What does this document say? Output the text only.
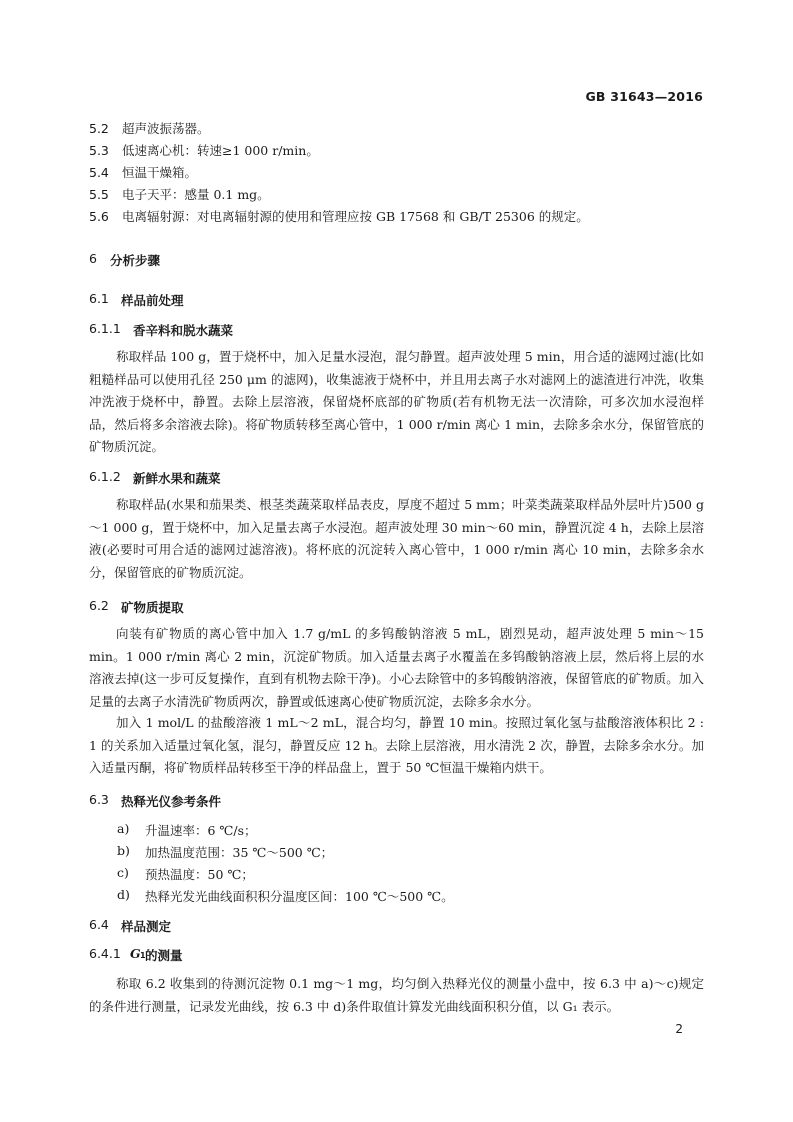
GB 31643—2016
5.2 超声波振荡器。
5.3 低速离心机：转速≥1 000 r/min。
5.4 恒温干燥箱。
5.5 电子天平：感量 0.1 mg。
5.6 电离辐射源：对电离辐射源的使用和管理应按 GB 17568 和 GB/T 25306 的规定。
6 分析步骤
6.1 样品前处理
6.1.1 香辛料和脱水蔬菜
称取样品 100 g，置于烧杯中，加入足量水浸泡，混匀静置。超声波处理 5 min，用合适的滤网过滤(比如粗糙样品可以使用孔径 250 μm 的滤网)，收集滤液于烧杯中，并且用去离子水对滤网上的滤渣进行冲洗，收集冲洗液于烧杯中，静置。去除上层溶液，保留烧杯底部的矿物质(若有机物无法一次清除，可多次加水浸泡样品，然后将多余溶液去除)。将矿物质转移至离心管中，1 000 r/min 离心 1 min，去除多余水分，保留管底的矿物质沉淀。
6.1.2 新鲜水果和蔬菜
称取样品(水果和茄果类、根茎类蔬菜取样品表皮，厚度不超过 5 mm；叶菜类蔬菜取样品外层叶片)500 g～1 000 g，置于烧杯中，加入足量去离子水浸泡。超声波处理 30 min～60 min，静置沉淀 4 h，去除上层溶液(必要时可用合适的滤网过滤溶液)。将杯底的沉淀转入离心管中，1 000 r/min 离心 10 min，去除多余水分，保留管底的矿物质沉淀。
6.2 矿物质提取
向装有矿物质的离心管中加入 1.7 g/mL 的多钨酸钠溶液 5 mL，剧烈晃动，超声波处理 5 min～15 min。1 000 r/min 离心 2 min，沉淀矿物质。加入适量去离子水覆盖在多钨酸钠溶液上层，然后将上层的水溶液去掉(这一步可反复操作，直到有机物去除干净)。小心去除管中的多钨酸钠溶液，保留管底的矿物质。加入足量的去离子水清洗矿物质两次，静置或低速离心使矿物质沉淀，去除多余水分。
加入 1 mol/L 的盐酸溶液 1 mL～2 mL，混合均匀，静置 10 min。按照过氧化氢与盐酸溶液体积比 2 : 1 的关系加入适量过氧化氢，混匀，静置反应 12 h。去除上层溶液，用水清洗 2 次，静置，去除多余水分。加入适量丙酮，将矿物质样品转移至干净的样品盘上，置于 50 ℃恒温干燥箱内烘干。
6.3 热释光仪参考条件
a) 升温速率：6 ℃/s；
b) 加热温度范围：35 ℃～500 ℃；
c) 预热温度：50 ℃；
d) 热释光发光曲线面积积分温度区间：100 ℃～500 ℃。
6.4 样品测定
6.4.1 G 1 的测量
称取 6.2 收集到的待测沉淀物 0.1 mg～1 mg，均匀倒入热释光仪的测量小盘中，按 6.3 中 a)～c)规定的条件进行测量，记录发光曲线，按 6.3 中 d)条件取值计算发光曲线面积积分值，以 G₁ 表示。
2
